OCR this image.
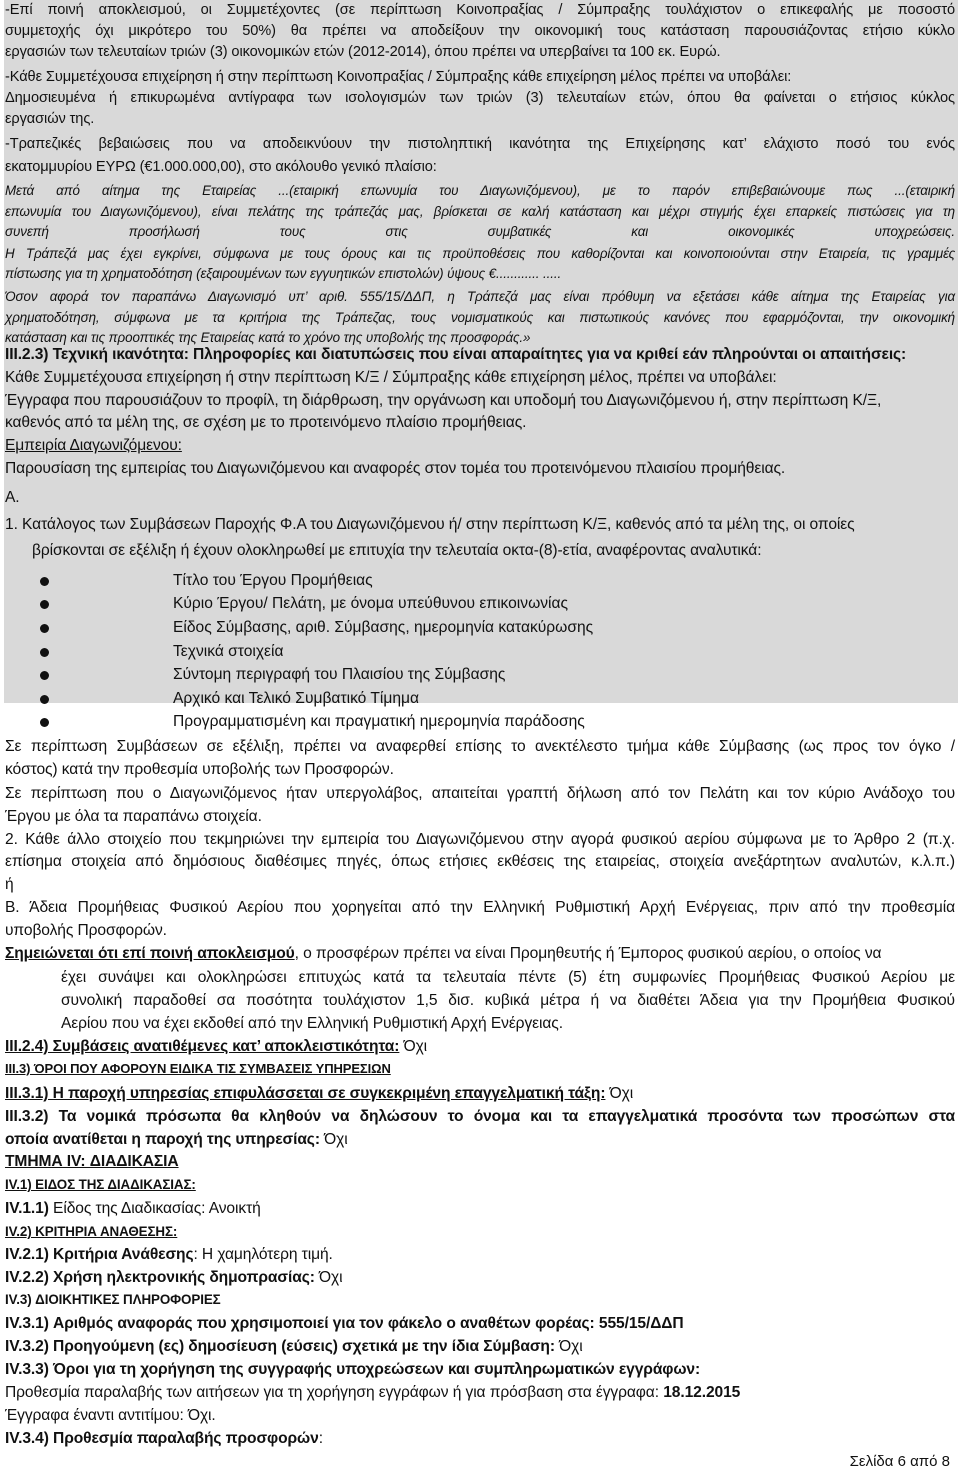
-Επί ποινή αποκλεισμού, οι Συμμετέχοντες (σε περίπτωση Κοινοπραξίας / Σύμπραξης τουλάχιστον ο επικεφαλής με ποσοστό
συμμετοχής όχι μικρότερο του 50%) θα πρέπει να αποδείξουν την οικονομική τους κατάσταση παρουσιάζοντας ετήσιο κύκλο
εργασιών των τελευταίων τριών (3) οικονομικών ετών (2012-2014), όπου πρέπει να υπερβαίνει τα 100 εκ. Ευρώ.
-Κάθε Συμμετέχουσα επιχείρηση ή στην περίπτωση Κοινοπραξίας / Σύμπραξης κάθε επιχείρηση μέλος πρέπει να υποβάλει:
Δημοσιευμένα ή επικυρωμένα αντίγραφα των ισολογισμών των τριών (3) τελευταίων ετών, όπου θα φαίνεται ο ετήσιος κύκλος
εργασιών της.
-Τραπεζικές βεβαιώσεις που να αποδεικνύουν την πιστοληπτική ικανότητα της Επιχείρησης κατ’ ελάχιστο ποσό του ενός
εκατομμυρίου ΕΥΡΩ (€1.000.000,00), στο ακόλουθο γενικό πλαίσιο:
Μετά από αίτημα της Εταιρείας ...(εταιρική επωνυμία του Διαγωνιζόμενου), με το παρόν επιβεβαιώνουμε πως ...(εταιρική
επωνυμία του Διαγωνιζόμενου), είναι πελάτης της τράπεζάς μας, βρίσκεται σε καλή κατάσταση και μέχρι στιγμής έχει επαρκείς πιστώσεις για τη
συνεπή προσήλωσή τους στις συμβατικές και οικονομικές υποχρεώσεις.
Η Τράπεζά μας έχει εγκρίνει, σύμφωνα με τους όρους και τις προϋποθέσεις που καθορίζονται και κοινοποιούνται στην Εταιρεία, τις γραμμές
πίστωσης για τη χρηματοδότηση (εξαιρουμένων των εγγυητικών επιστολών) ύψους €............ .....
Όσον αφορά τον παραπάνω Διαγωνισμό υπ’ αριθ. 555/15/ΔΔΠ, η Τράπεζά μας είναι πρόθυμη να εξετάσει κάθε αίτημα της Εταιρείας για
χρηματοδότηση, σύμφωνα με τα κριτήρια της Τράπεζας, τους νομισματικούς και πιστωτικούς κανόνες που εφαρμόζονται, την οικονομική
κατάσταση και τις προοπτικές της Εταιρείας κατά το χρόνο της υποβολής της προσφοράς.»
ΙΙΙ.2.3) Τεχνική ικανότητα: Πληροφορίες και διατυπώσεις που είναι απαραίτητες για να κριθεί εάν πληρούνται οι απαιτήσεις:
Κάθε Συμμετέχουσα επιχείρηση ή στην περίπτωση Κ/Ξ / Σύμπραξης κάθε επιχείρηση μέλος, πρέπει να υποβάλει:
Έγγραφα που παρουσιάζουν το προφίλ, τη διάρθρωση, την οργάνωση και υποδομή του Διαγωνιζόμενου ή, στην περίπτωση Κ/Ξ,
καθενός από τα μέλη της, σε σχέση με το προτεινόμενο πλαίσιο προμήθειας.
Εμπειρία Διαγωνιζόμενου:
Παρουσίαση της εμπειρίας του Διαγωνιζόμενου και αναφορές στον τομέα του προτεινόμενου πλαισίου προμήθειας.
Α.
1. Κατάλογος των Συμβάσεων Παροχής Φ.Α του Διαγωνιζόμενου ή/ στην περίπτωση Κ/Ξ, καθενός από τα μέλη της, οι οποίες
βρίσκονται σε εξέλιξη ή έχουν ολοκληρωθεί με επιτυχία την τελευταία οκτα-(8)-ετία, αναφέροντας αναλυτικά:
Τίτλο του Έργου Προμήθειας
Κύριο Έργου/ Πελάτη, με όνομα υπεύθυνου επικοινωνίας
Είδος Σύμβασης, αριθ. Σύμβασης, ημερομηνία κατακύρωσης
Τεχνικά στοιχεία
Σύντομη περιγραφή του Πλαισίου της Σύμβασης
Αρχικό και Τελικό Συμβατικό Τίμημα
Προγραμματισμένη και πραγματική ημερομηνία παράδοσης
Σε περίπτωση Συμβάσεων σε εξέλιξη, πρέπει να αναφερθεί επίσης το ανεκτέλεστο τμήμα κάθε Σύμβασης (ως προς τον όγκο /
κόστος) κατά την προθεσμία υποβολής των Προσφορών.
Σε περίπτωση που ο Διαγωνιζόμενος ήταν υπεργολάβος, απαιτείται γραπτή δήλωση από τον Πελάτη και τον κύριο Ανάδοχο του
Έργου με όλα τα παραπάνω στοιχεία.
2. Κάθε άλλο στοιχείο που τεκμηριώνει την εμπειρία του Διαγωνιζόμενου στην αγορά φυσικού αερίου σύμφωνα με το Άρθρο 2 (π.χ.
επίσημα στοιχεία από δημόσιους διαθέσιμες πηγές, όπως ετήσιες εκθέσεις της εταιρείας, στοιχεία ανεξάρτητων αναλυτών, κ.λ.π.)
ή
Β. Άδεια Προμήθειας Φυσικού Αερίου που χορηγείται από την Ελληνική Ρυθμιστική Αρχή Ενέργειας, πριν από την προθεσμία
υποβολής Προσφορών.
Σημειώνεται ότι επί ποινή αποκλεισμού, ο προσφέρων πρέπει να είναι Προμηθευτής ή Έμπορος φυσικού αερίου, ο οποίος να
έχει συνάψει και ολοκληρώσει επιτυχώς κατά τα τελευταία πέντε (5) έτη συμφωνίες Προμήθειας Φυσικού Αερίου με
συνολική παραδοθεί σα ποσότητα τουλάχιστον 1,5 δισ. κυβικά μέτρα ή να διαθέτει Άδεια για την Προμήθεια Φυσικού
Αερίου που να έχει εκδοθεί από την Ελληνική Ρυθμιστική Αρχή Ενέργειας.
ΙΙΙ.2.4) Συμβάσεις ανατιθέμενες κατ’ αποκλειστικότητα: Όχι
ΙΙΙ.3) ΌΡΟΙ ΠΟΥ ΑΦΟΡΟΥΝ ΕΙΔΙΚΑ ΤΙΣ ΣΥΜΒΑΣΕΙΣ ΥΠΗΡΕΣΙΩΝ
ΙΙΙ.3.1) Η παροχή υπηρεσίας επιφυλάσσεται σε συγκεκριμένη επαγγελματική τάξη: Όχι
ΙΙΙ.3.2) Τα νομικά πρόσωπα θα κληθούν να δηλώσουν το όνομα και τα επαγγελματικά προσόντα των προσώπων στα
οποία ανατίθεται η παροχή της υπηρεσίας: Όχι
ΤΜΗΜΑ IV: ΔΙΑΔΙΚΑΣΙΑ
IV.1) ΕΙΔΟΣ ΤΗΣ ΔΙΑΔΙΚΑΣΙΑΣ:
IV.1.1) Είδος της Διαδικασίας: Ανοικτή
IV.2) ΚΡΙΤΗΡΙΑ ΑΝΑΘΕΣΗΣ:
IV.2.1) Κριτήρια Ανάθεσης: Η χαμηλότερη τιμή.
IV.2.2) Χρήση ηλεκτρονικής δημοπρασίας: Όχι
IV.3) ΔΙΟΙΚΗΤΙΚΕΣ ΠΛΗΡΟΦΟΡΙΕΣ
IV.3.1) Αριθμός αναφοράς που χρησιμοποιεί για τον φάκελο ο αναθέτων φορέας: 555/15/ΔΔΠ
IV.3.2) Προηγούμενη (ες) δημοσίευση (εύσεις) σχετικά με την ίδια Σύμβαση: Όχι
IV.3.3) Όροι για τη χορήγηση της συγγραφής υποχρεώσεων και συμπληρωματικών εγγράφων:
Προθεσμία παραλαβής των αιτήσεων για τη χορήγηση εγγράφων ή για πρόσβαση στα έγγραφα: 18.12.2015
Έγγραφα έναντι αντιτίμου: Όχι.
IV.3.4) Προθεσμία παραλαβής προσφορών:
Σελίδα 6 από 8
